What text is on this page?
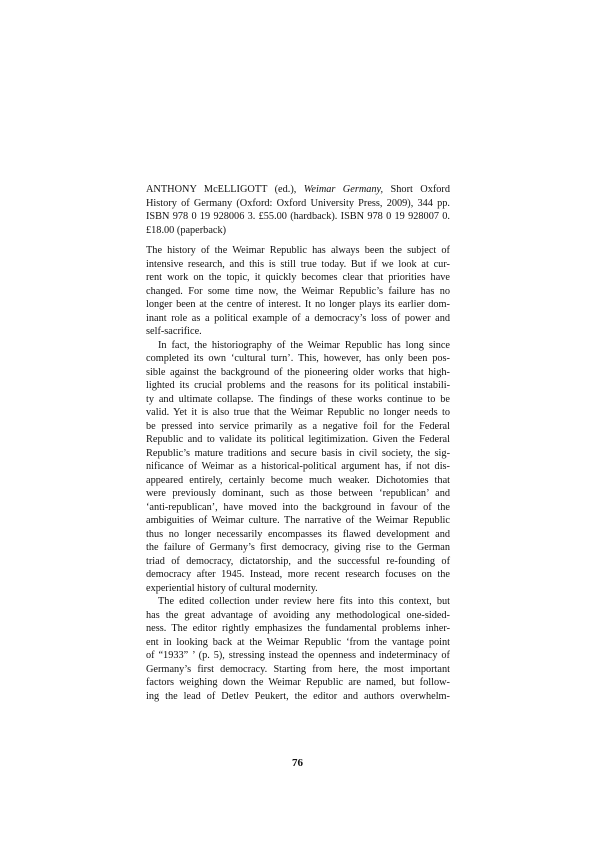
ANTHONY McELLIGOTT (ed.), Weimar Germany, Short Oxford
History of Germany (Oxford: Oxford University Press, 2009), 344 pp.
ISBN 978 0 19 928006 3. £55.00 (hardback). ISBN 978 0 19 928007 0.
£18.00 (paperback)
The history of the Weimar Republic has always been the subject of
intensive research, and this is still true today. But if we look at cur-
rent work on the topic, it quickly becomes clear that priorities have
changed. For some time now, the Weimar Republic’s failure has no
longer been at the centre of interest. It no longer plays its earlier dom-
inant role as a political example of a democracy’s loss of power and
self-sacrifice.
In fact, the historiography of the Weimar Republic has long since
completed its own ‘cultural turn’. This, however, has only been pos-
sible against the background of the pioneering older works that high-
lighted its crucial problems and the reasons for its political instabili-
ty and ultimate collapse. The findings of these works continue to be
valid. Yet it is also true that the Weimar Republic no longer needs to
be pressed into service primarily as a negative foil for the Federal
Republic and to validate its political legitimization. Given the Federal
Republic’s mature traditions and secure basis in civil society, the sig-
nificance of Weimar as a historical-political argument has, if not dis-
appeared entirely, certainly become much weaker. Dichotomies that
were previously dominant, such as those between ‘republican’ and
‘anti-republican’, have moved into the background in favour of the
ambiguities of Weimar culture. The narrative of the Weimar Republic
thus no longer necessarily encompasses its flawed development and
the failure of Germany’s first democracy, giving rise to the German
triad of democracy, dictatorship, and the successful re-founding of
democracy after 1945. Instead, more recent research focuses on the
experiential history of cultural modernity.
The edited collection under review here fits into this context, but
has the great advantage of avoiding any methodological one-sided-
ness. The editor rightly emphasizes the fundamental problems inher-
ent in looking back at the Weimar Republic ‘from the vantage point
of “1933” ’ (p. 5), stressing instead the openness and indeterminacy of
Germany’s first democracy. Starting from here, the most important
factors weighing down the Weimar Republic are named, but follow-
ing the lead of Detlev Peukert, the editor and authors overwhelm-
76
